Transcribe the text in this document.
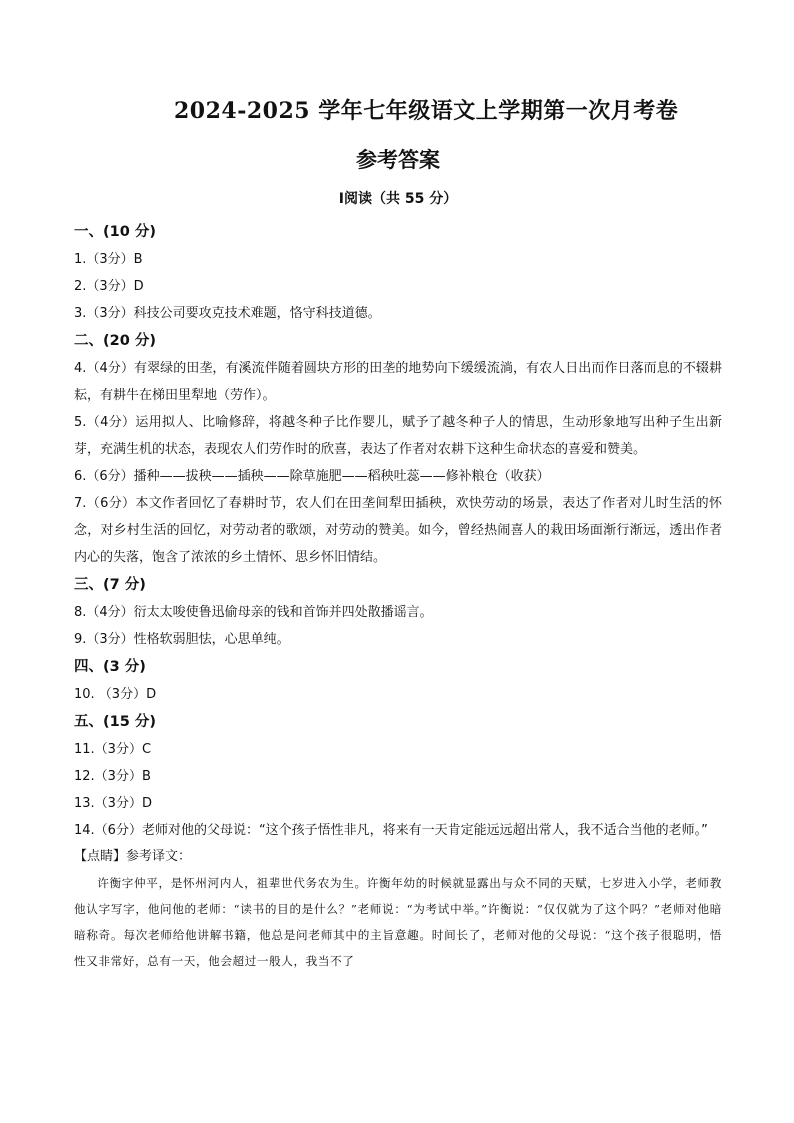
2024-2025 学年七年级语文上学期第一次月考卷
参考答案
Ⅰ阅读（共 55 分）

一、(10 分)

1.（3分）B

2.（3分）D

3.（3分）科技公司要攻克技术难题，恪守科技道德。

二、(20 分)

4.（4分）有翠绿的田垄，有溪流伴随着圆块方形的田垄的地势向下缓缓流淌，有农人日出而作日落而息的不辍耕耘，有耕牛在梯田里犁地（劳作）。

5.（4分）运用拟人、比喻修辞，将越冬种子比作婴儿，赋予了越冬种子人的情思，生动形象地写出种子生出新芽，充满生机的状态，表现农人们劳作时的欣喜，表达了作者对农耕下这种生命状态的喜爱和赞美。

6.（6分）播种——拔秧——插秧——除草施肥——稻秧吐蕊——修补粮仓（收获）

7.（6分）本文作者回忆了春耕时节，农人们在田垄间犁田插秧，欢快劳动的场景，表达了作者对儿时生活的怀念，对乡村生活的回忆，对劳动者的歌颂，对劳动的赞美。如今，曾经热闹喜人的栽田场面渐行渐远，透出作者内心的失落，饱含了浓浓的乡土情怀、思乡怀旧情结。

三、(7 分)

8.（4分）衍太太唆使鲁迅偷母亲的钱和首饰并四处散播谣言。

9.（3分）性格软弱胆怯，心思单纯。

四、(3 分)

10. （3分）D

五、(15 分)

11.（3分）C

12.（3分）B

13.（3分）D

14.（6分）老师对他的父母说：“这个孩子悟性非凡，将来有一天肯定能远远超出常人，我不适合当他的老师。”

【点睛】参考译文：

许衡字仲平，是怀州河内人，祖辈世代务农为生。许衡年幼的时候就显露出与众不同的天赋，七岁进入小学，老师教他认字写字，他问他的老师：“读书的目的是什么？”老师说：“为考试中举。”许衡说：“仅仅就为了这个吗？”老师对他暗暗称奇。每次老师给他讲解书籍，他总是问老师其中的主旨意趣。时间长了，老师对他的父母说：“这个孩子很聪明，悟性又非常好，总有一天，他会超过一般人，我当不了
